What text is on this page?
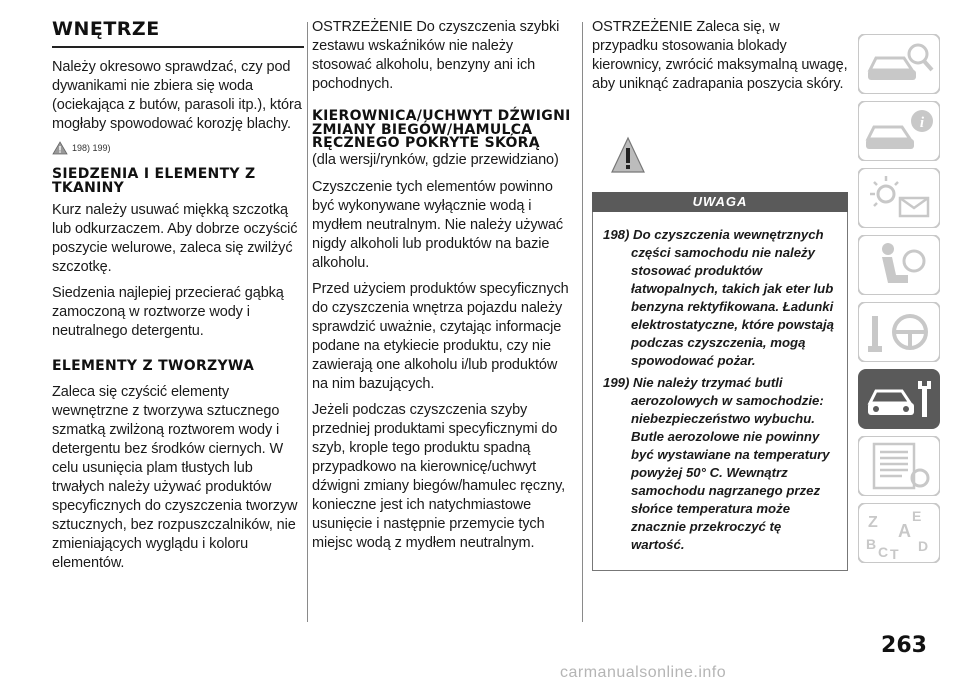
WNĘTRZE

Należy okresowo sprawdzać, czy pod dywanikami nie zbiera się woda (ociekająca z butów, parasoli itp.), która mogłaby spowodować korozję blachy.

198) 199)
SIEDZENIA I ELEMENTY Z TKANINY

Kurz należy usuwać miękką szczotką lub odkurzaczem. Aby dobrze oczyścić poszycie welurowe, zaleca się zwilżyć szczotkę.

Siedzenia najlepiej przecierać gąbką zamoczoną w roztworze wody i neutralnego detergentu.

ELEMENTY Z TWORZYWA

Zaleca się czyścić elementy wewnętrzne z tworzywa sztucznego szmatką zwilżoną roztworem wody i detergentu bez środków ciernych. W celu usunięcia plam tłustych lub trwałych należy używać produktów specyficznych do czyszczenia tworzyw sztucznych, bez rozpuszczalników, nie zmieniających wyglądu i koloru elementów.

OSTRZEŻENIE Do czyszczenia szybki zestawu wskaźników nie należy stosować alkoholu, benzyny ani ich pochodnych.

KIEROWNICA/UCHWYT DŹWIGNI ZMIANY BIEGÓW/HAMULCA RĘCZNEGO POKRYTE SKÓRĄ

(dla wersji/rynków, gdzie przewidziano)

Czyszczenie tych elementów powinno być wykonywane wyłącznie wodą i mydłem neutralnym. Nie należy używać nigdy alkoholi lub produktów na bazie alkoholu.

Przed użyciem produktów specyficznych do czyszczenia wnętrza pojazdu należy sprawdzić uważnie, czytając informacje podane na etykiecie produktu, czy nie zawierają one alkoholu i/lub produktów na nim bazujących.

Jeżeli podczas czyszczenia szyby przedniej produktami specyficznymi do szyb, krople tego produktu spadną przypadkowo na kierownicę/uchwyt dźwigni zmiany biegów/hamulec ręczny, konieczne jest ich natychmiastowe usunięcie i następnie przemycie tych miejsc wodą z mydłem neutralnym.

OSTRZEŻENIE Zaleca się, w przypadku stosowania blokady kierownicy, zwrócić maksymalną uwagę, aby uniknąć zadrapania poszycia skóry.

UWAGA
198) Do czyszczenia wewnętrznych części samochodu nie należy stosować produktów łatwopalnych, takich jak eter lub benzyna rektyfikowana. Ładunki elektrostatyczne, które powstają podczas czyszczenia, mogą spowodować pożar.
199) Nie należy trzymać butli aerozolowych w samochodzie: niebezpieczeństwo wybuchu. Butle aerozolowe nie powinny być wystawiane na temperatury powyżej 50° C. Wewnątrz samochodu nagrzanego przez słońce temperatura może znacznie przekroczyć tę wartość.
i
Z E
A
B C T D
263
carmanualsonline.info
